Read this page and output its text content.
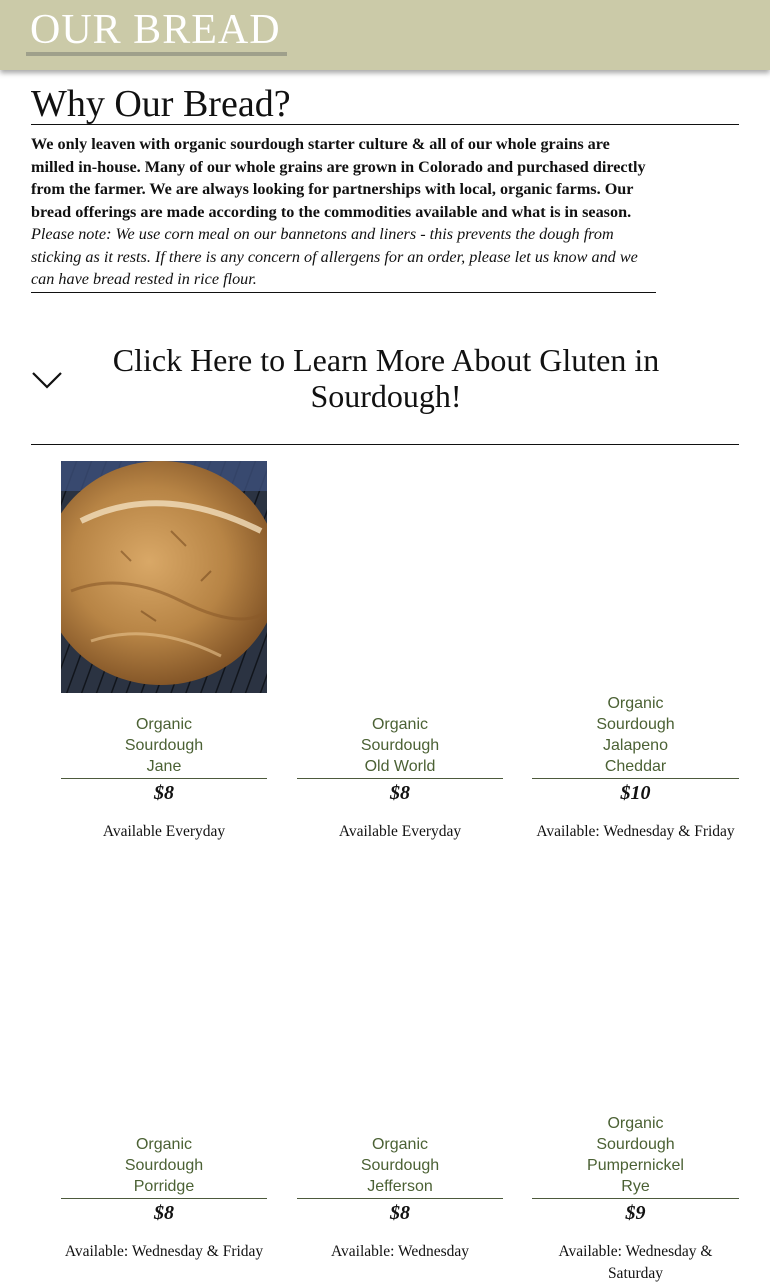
OUR BREAD
Why Our Bread?

We only leaven with organic sourdough starter culture & all of our whole grains are milled in-house. Many of our whole grains are grown in Colorado and purchased directly from the farmer. We are always looking for partnerships with local, organic farms. Our bread offerings are made according to the commodities available and what is in season.

Please note: We use corn meal on our bannetons and liners - this prevents the dough from sticking as it rests. If there is any concern of allergens for an order, please let us know and we can have bread rested in rice flour.

Click Here to Learn More About Gluten in Sourdough!
Organic Sourdough Jane
$8
Available Everyday
Organic Sourdough Old World
$8
Available Everyday
Organic Sourdough Jalapeno Cheddar
$10
Available: Wednesday & Friday
Organic Sourdough Porridge
$8
Available: Wednesday & Friday
Organic Sourdough Jefferson
$8
Available: Wednesday
Organic Sourdough Pumpernickel Rye
$9
Available: Wednesday & Saturday
